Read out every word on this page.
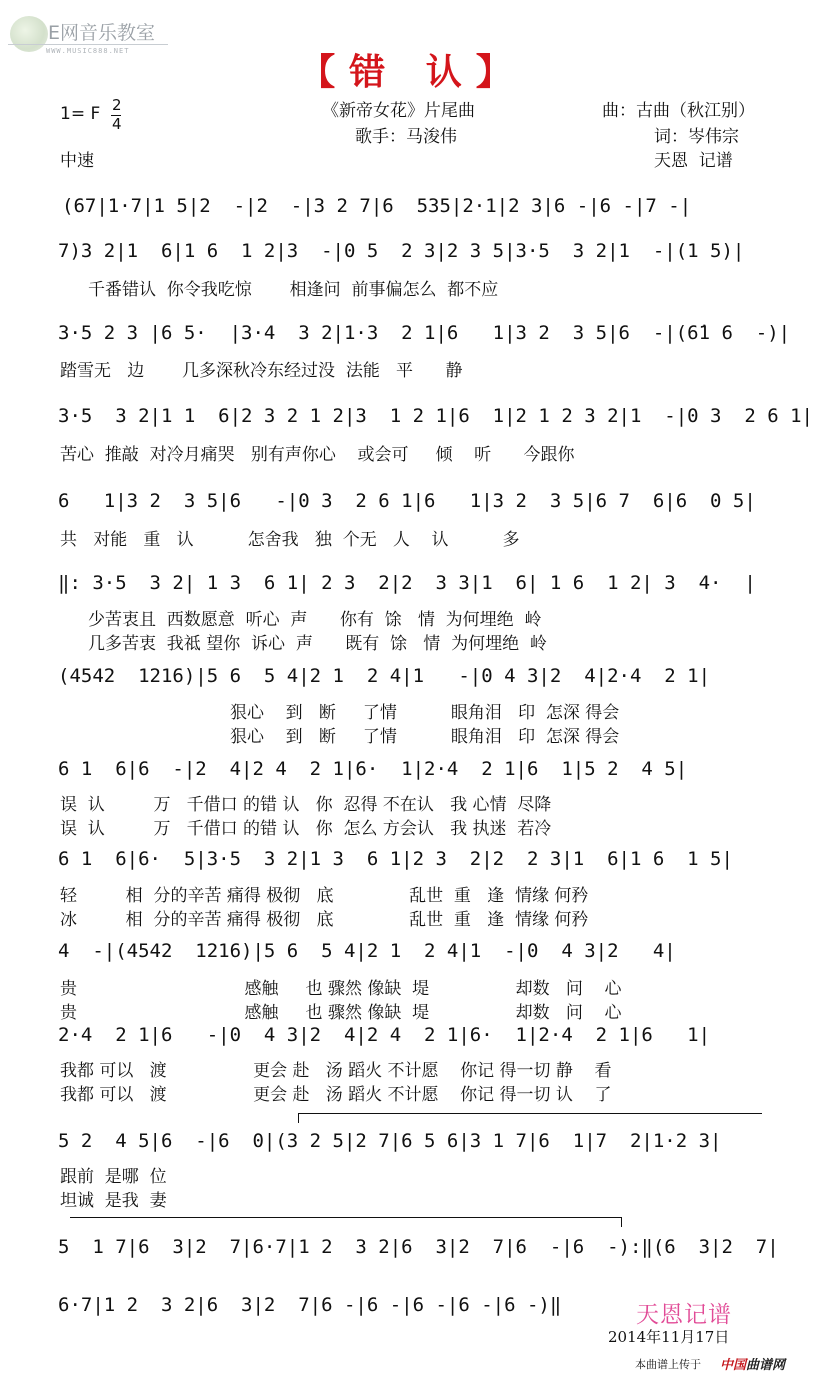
E网音乐教室

WWW.MUSIC888.NET

【错 认】
1= F 2
4
中速
《新帝女花》片尾曲
歌手：马浚伟
曲：古曲（秋江别）
词：岑伟宗
天恩  记谱
(67|1·7|1 5|2  -|2  -|3 2 7|6  535|2·1|2 3|6 -|6 -|7 -|
7)3 2|1  6|1 6  1 2|3  -|0 5  2 3|2 3 5|3·5  3 2|1  -|(1 5)|
千番错认  你令我吃惊       相逢问  前事偏怎么  都不应
3·5 2 3 |6 5·  |3·4  3 2|1·3  2 1|6   1|3 2  3 5|6  -|(6̇1 6  -)|
踏雪无   边       几多深秋冷东经过没  法能   平      静
3·5  3 2|1 1  6|2 3 2 1 2|3  1 2 1|6  1|2 1 2 3 2|1  -|0 3  2 6 1|
苦心  推敲  对冷月痛哭   别有声你心    或会可     倾    听      今跟你
6   1|3 2  3 5|6   -|0 3  2 6 1|6   1|3 2  3 5|6 7  6|6  0 5|
共   对能   重   认          怎舍我   独  个无   人    认          多
‖: 3·5  3 2| 1 3  6 1| 2 3  2|2  3 3|1  6| 1 6  1 2| 3  4·  |
少苦衷且  西数愿意  听心  声      你有  馀   情  为何埋绝  岭
几多苦衷  我祗 望你  诉心  声      既有  馀   情  为何埋绝  岭
(4542  1216)|5 6  5 4|2 1  2 4|1   -|0 4 3|2  4|2·4  2 1|
狠心    到   断     了情          眼角泪   印  怎深 得会
狠心    到   断     了情          眼角泪   印  怎深 得会
6 1  6|6  -|2  4|2 4  2 1|6·  1|2·4  2 1|6  1|5 2  4 5|
误  认         万   千借口 的错 认   你  忍得 不在认   我 心情  尽降
误  认         万   千借口 的错 认   你  怎么 方会认   我 执迷  若冷
6 1  6|6·  5|3·5  3 2|1 3  6 1|2 3  2|2  2 3|1  6|1 6  1 5|
轻         相  分的辛苦 痛得 极彻   底              乱世  重   逢  情缘 何矜
冰         相  分的辛苦 痛得 极彻   底              乱世  重   逢  情缘 何矜
4  -|(4542  1216)|5 6  5 4|2 1  2 4|1  -|0  4 3|2   4|
贵                               感触     也 骤然 像缺  堤                却数   问    心
贵                               感触     也 骤然 像缺  堤                却数   问    心
2·4  2 1|6   -|0  4 3|2  4|2 4  2 1|6·  1|2·4  2 1|6   1|
我都 可以   渡                更会 赴   汤 蹈火 不计愿    你记 得一切 静    看
我都 可以   渡                更会 赴   汤 蹈火 不计愿    你记 得一切 认    了
5 2  4 5|6  -|6  0|(3 2 5|2 7|6 5 6|3 1 7|6  1|7  2|1·2 3|
跟前  是哪  位
坦诚  是我  妻
5  1 7|6  3|2  7|6·7|1 2  3 2|6  3|2  7|6  -|6  -):‖(6  3|2  7|
6·7|1 2  3 2|6  3|2  7|6 -|6 -|6 -|6 -|6 -)‖	天恩记谱
2014年11月17日
本曲谱上传于 中国曲谱网
